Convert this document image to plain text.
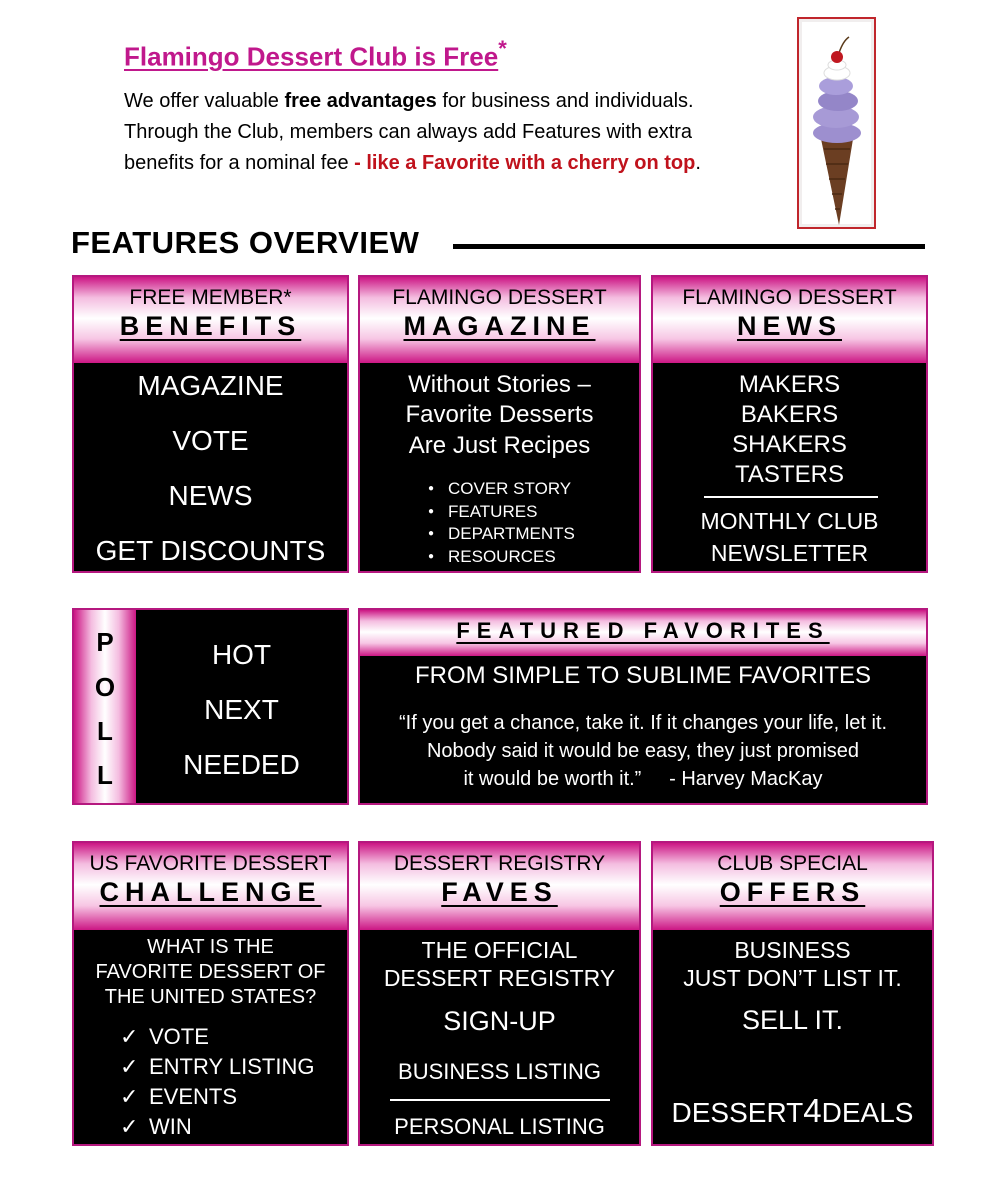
Flamingo Dessert Club is Free*
We offer valuable free advantages for business and individuals.
Through the Club, members can always add Features with extra
benefits for a nominal fee - like a Favorite with a cherry on top.
FEATURES OVERVIEW
FREE MEMBER*
BENEFITS
MAGAZINE
VOTE
NEWS
GET DISCOUNTS
FLAMINGO DESSERT
MAGAZINE
Without Stories –
Favorite Desserts
Are Just Recipes
● COVER STORY
● FEATURES
● DEPARTMENTS
● RESOURCES
FLAMINGO DESSERT
NEWS
MAKERS
BAKERS
SHAKERS
TASTERS
MONTHLY CLUB
NEWSLETTER
P
O
L
L
HOT
NEXT
NEEDED
FEATURED FAVORITES
FROM SIMPLE TO SUBLIME FAVORITES
“If you get a chance, take it. If it changes your life, let it.
Nobody said it would be easy, they just promised
it would be worth it.”     - Harvey MacKay
US FAVORITE DESSERT
CHALLENGE
WHAT IS THE
FAVORITE DESSERT OF
THE UNITED STATES?
✓ VOTE
✓ ENTRY LISTING
✓ EVENTS
✓ WIN
DESSERT REGISTRY
FAVES
THE OFFICIAL
DESSERT REGISTRY
SIGN-UP
BUSINESS LISTING
PERSONAL LISTING
CLUB SPECIAL
OFFERS
BUSINESS
JUST DON’T LIST IT.
SELL IT.
DESSERT4DEALS
